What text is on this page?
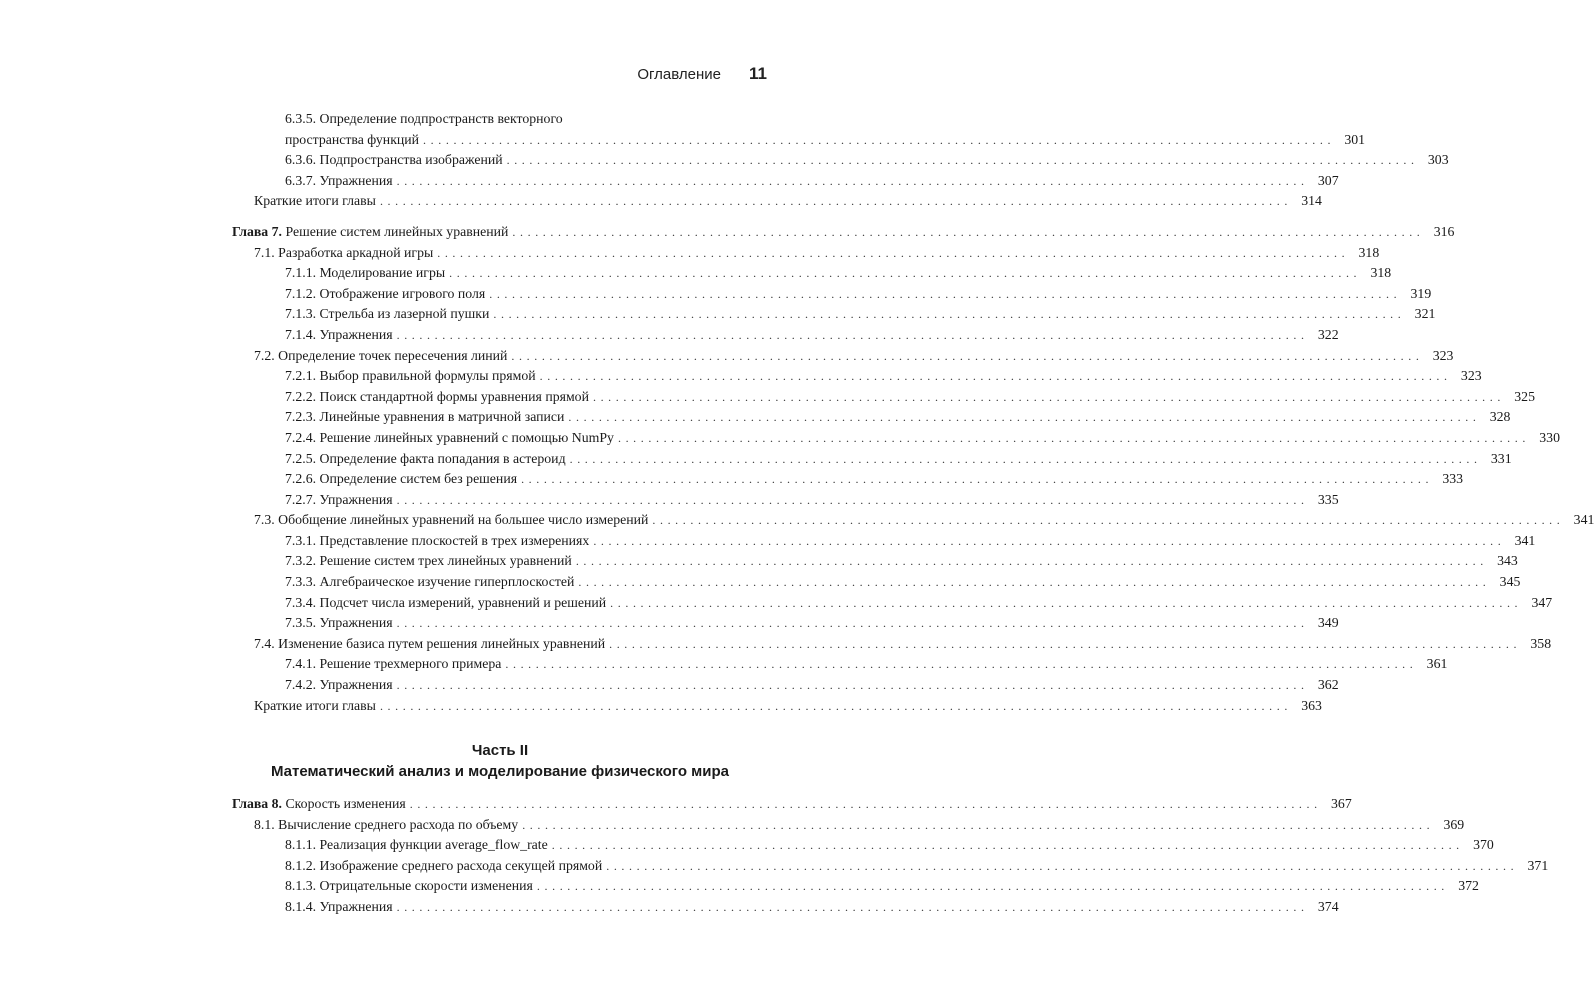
Оглавление 11
6.3.5. Определение подпространств векторного
пространства функций ........................................................................................................................ 301
6.3.6. Подпространства изображений ........................................................................................................................ 303
6.3.7. Упражнения ........................................................................................................................ 307
Краткие итоги главы ........................................................................................................................ 314
Глава 7. Решение систем линейных уравнений ........................................................................................................................ 316
7.1. Разработка аркадной игры ........................................................................................................................ 318
7.1.1. Моделирование игры ........................................................................................................................ 318
7.1.2. Отображение игрового поля ........................................................................................................................ 319
7.1.3. Стрельба из лазерной пушки ........................................................................................................................ 321
7.1.4. Упражнения ........................................................................................................................ 322
7.2. Определение точек пересечения линий ........................................................................................................................ 323
7.2.1. Выбор правильной формулы прямой ........................................................................................................................ 323
7.2.2. Поиск стандартной формы уравнения прямой ........................................................................................................................ 325
7.2.3. Линейные уравнения в матричной записи ........................................................................................................................ 328
7.2.4. Решение линейных уравнений с помощью NumPy ........................................................................................................................ 330
7.2.5. Определение факта попадания в астероид ........................................................................................................................ 331
7.2.6. Определение систем без решения ........................................................................................................................ 333
7.2.7. Упражнения ........................................................................................................................ 335
7.3. Обобщение линейных уравнений на большее число измерений ........................................................................................................................ 341
7.3.1. Представление плоскостей в трех измерениях ........................................................................................................................ 341
7.3.2. Решение систем трех линейных уравнений ........................................................................................................................ 343
7.3.3. Алгебраическое изучение гиперплоскостей ........................................................................................................................ 345
7.3.4. Подсчет числа измерений, уравнений и решений ........................................................................................................................ 347
7.3.5. Упражнения ........................................................................................................................ 349
7.4. Изменение базиса путем решения линейных уравнений ........................................................................................................................ 358
7.4.1. Решение трехмерного примера ........................................................................................................................ 361
7.4.2. Упражнения ........................................................................................................................ 362
Краткие итоги главы ........................................................................................................................ 363
Часть II
Математический анализ и моделирование физического мира
Глава 8. Скорость изменения ........................................................................................................................ 367
8.1. Вычисление среднего расхода по объему ........................................................................................................................ 369
8.1.1. Реализация функции average_flow_rate ........................................................................................................................ 370
8.1.2. Изображение среднего расхода секущей прямой ........................................................................................................................ 371
8.1.3. Отрицательные скорости изменения ........................................................................................................................ 372
8.1.4. Упражнения ........................................................................................................................ 374
